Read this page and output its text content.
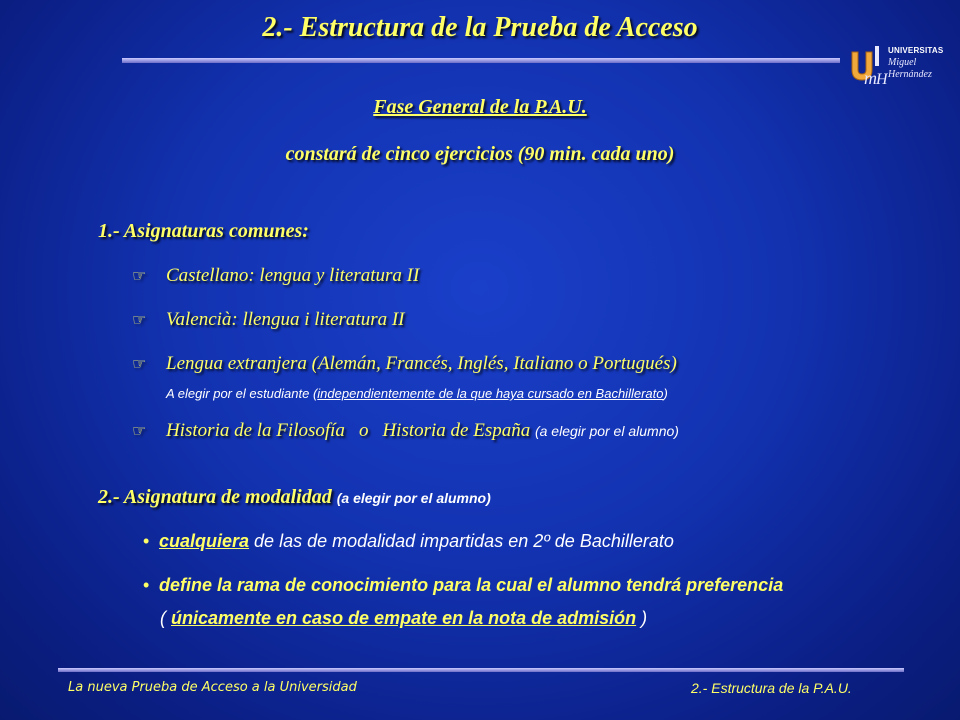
2.- Estructura de la Prueba de Acceso
m H
UNIVERSITAS
Miguel
Hernández
Fase General de la P.A.U.
constará de cinco ejercicios (90 min. cada uno)
1.- Asignaturas comunes:
☞ Castellano: lengua y literatura II
☞ Valencià: llengua i literatura II
☞ Lengua extranjera (Alemán, Francés, Inglés, Italiano o Portugués)
A elegir por el estudiante (independientemente de la que haya cursado en Bachillerato)
☞ Historia de la Filosofía o Historia de España (a elegir por el alumno)
2.- Asignatura de modalidad (a elegir por el alumno)
• cualquiera de las de modalidad impartidas en 2º de Bachillerato
• define la rama de conocimiento para la cual el alumno tendrá preferencia
( únicamente en caso de empate en la nota de admisión )
La nueva Prueba de Acceso a la Universidad	2.- Estructura de la P.A.U.
